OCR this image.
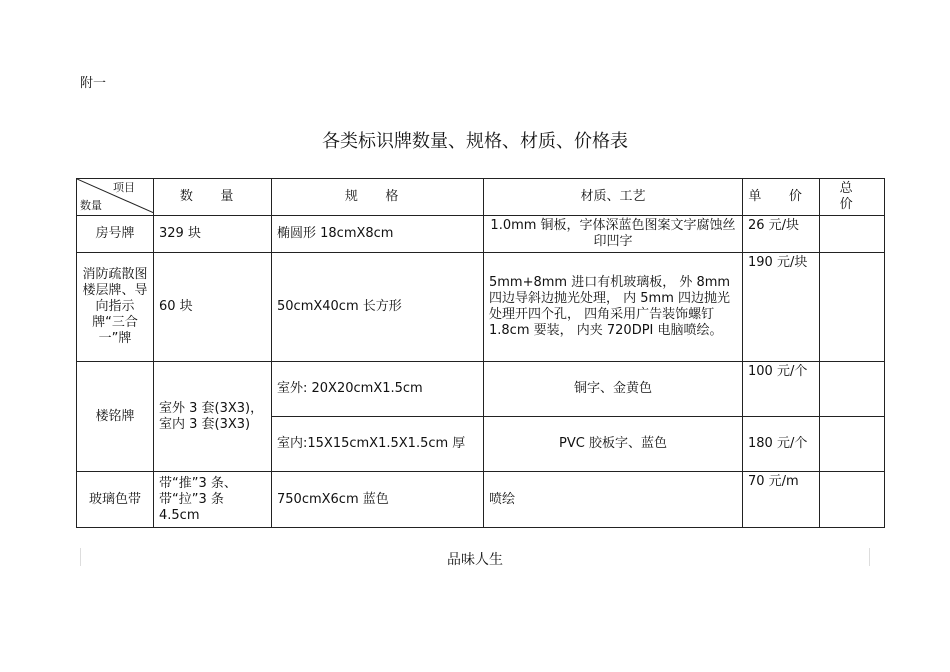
附一
各类标识牌数量、规格、材质、价格表
项目
数量	数 量	规 格	材质、工艺	单 价	总 价
房号牌	329 块	椭圆形 18cmX8cm	1.0mm 铜板，字体深蓝色图案文字腐蚀丝印凹字	26 元/块	
消防疏散图楼层牌、导向指示牌“三合一”牌	60 块	50cmX40cm 长方形	5mm+8mm 进口有机玻璃板， 外 8mm 四边导斜边抛光处理， 内 5mm 四边抛光处理开四个孔， 四角采用广告装饰螺钉 1.8cm 要装， 内夹 720DPI 电脑喷绘。	190 元/块	
楼铭牌	室外 3 套(3X3)，室内 3 套(3X3)	室外: 20X20cmX1.5cm	铜字、金黄色	100 元/个	
		室内:15X15cmX1.5X1.5cm 厚	PVC 胶板字、蓝色	180 元/个	
玻璃色带	带“推”3 条、带“拉”3 条 4.5cm	750cmX6cm 蓝色	喷绘	70 元/m	
品味人生
